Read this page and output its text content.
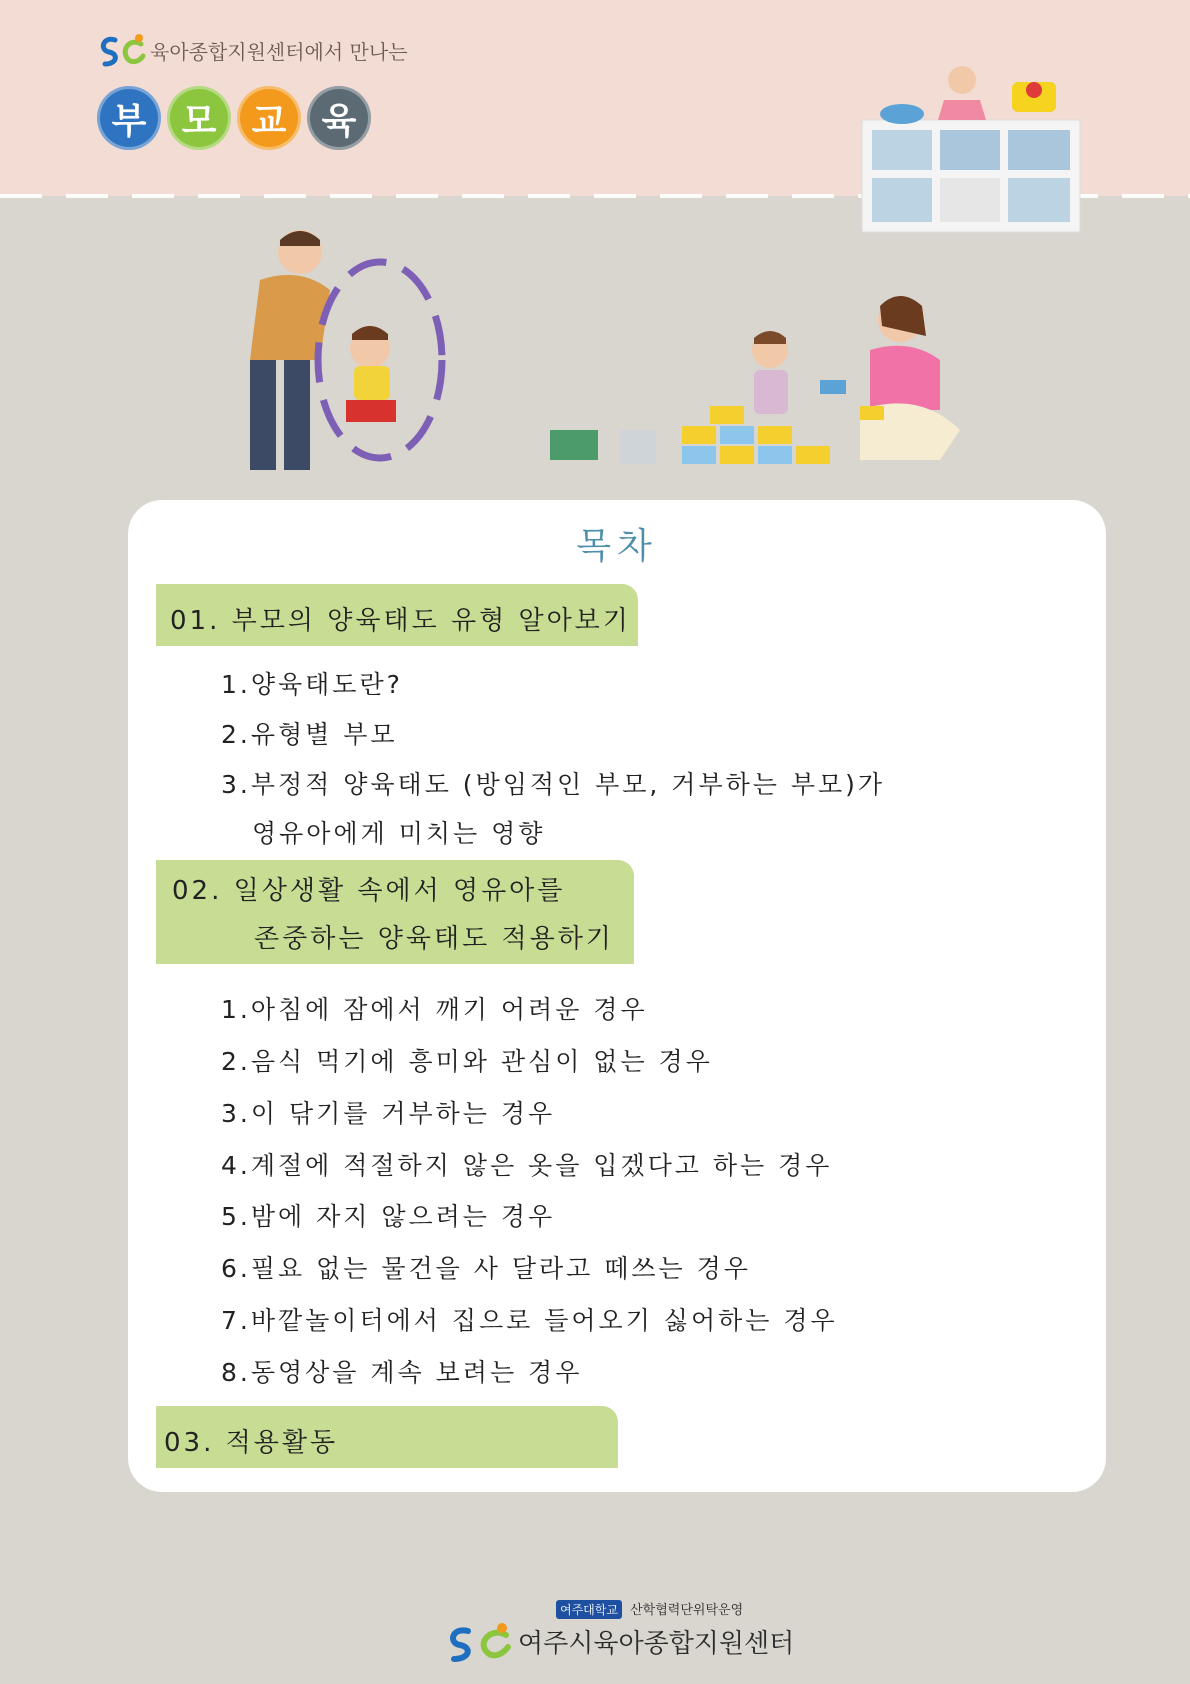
육아종합지원센터에서 만나는
부 모 교 육
목차
01. 부모의 양육태도 유형 알아보기
1.양육태도란?
2.유형별 부모
3.부정적 양육태도 (방임적인 부모, 거부하는 부모)가
영유아에게 미치는 영향
02. 일상생활 속에서 영유아를
존중하는 양육태도 적용하기
1.아침에 잠에서 깨기 어려운 경우
2.음식 먹기에 흥미와 관심이 없는 경우
3.이 닦기를 거부하는 경우
4.계절에 적절하지 않은 옷을 입겠다고 하는 경우
5.밤에 자지 않으려는 경우
6.필요 없는 물건을 사 달라고 떼쓰는 경우
7.바깥놀이터에서 집으로 들어오기 싫어하는 경우
8.동영상을 계속 보려는 경우
03. 적용활동
여주대학교 산학협력단위탁운영
여주시육아종합지원센터
